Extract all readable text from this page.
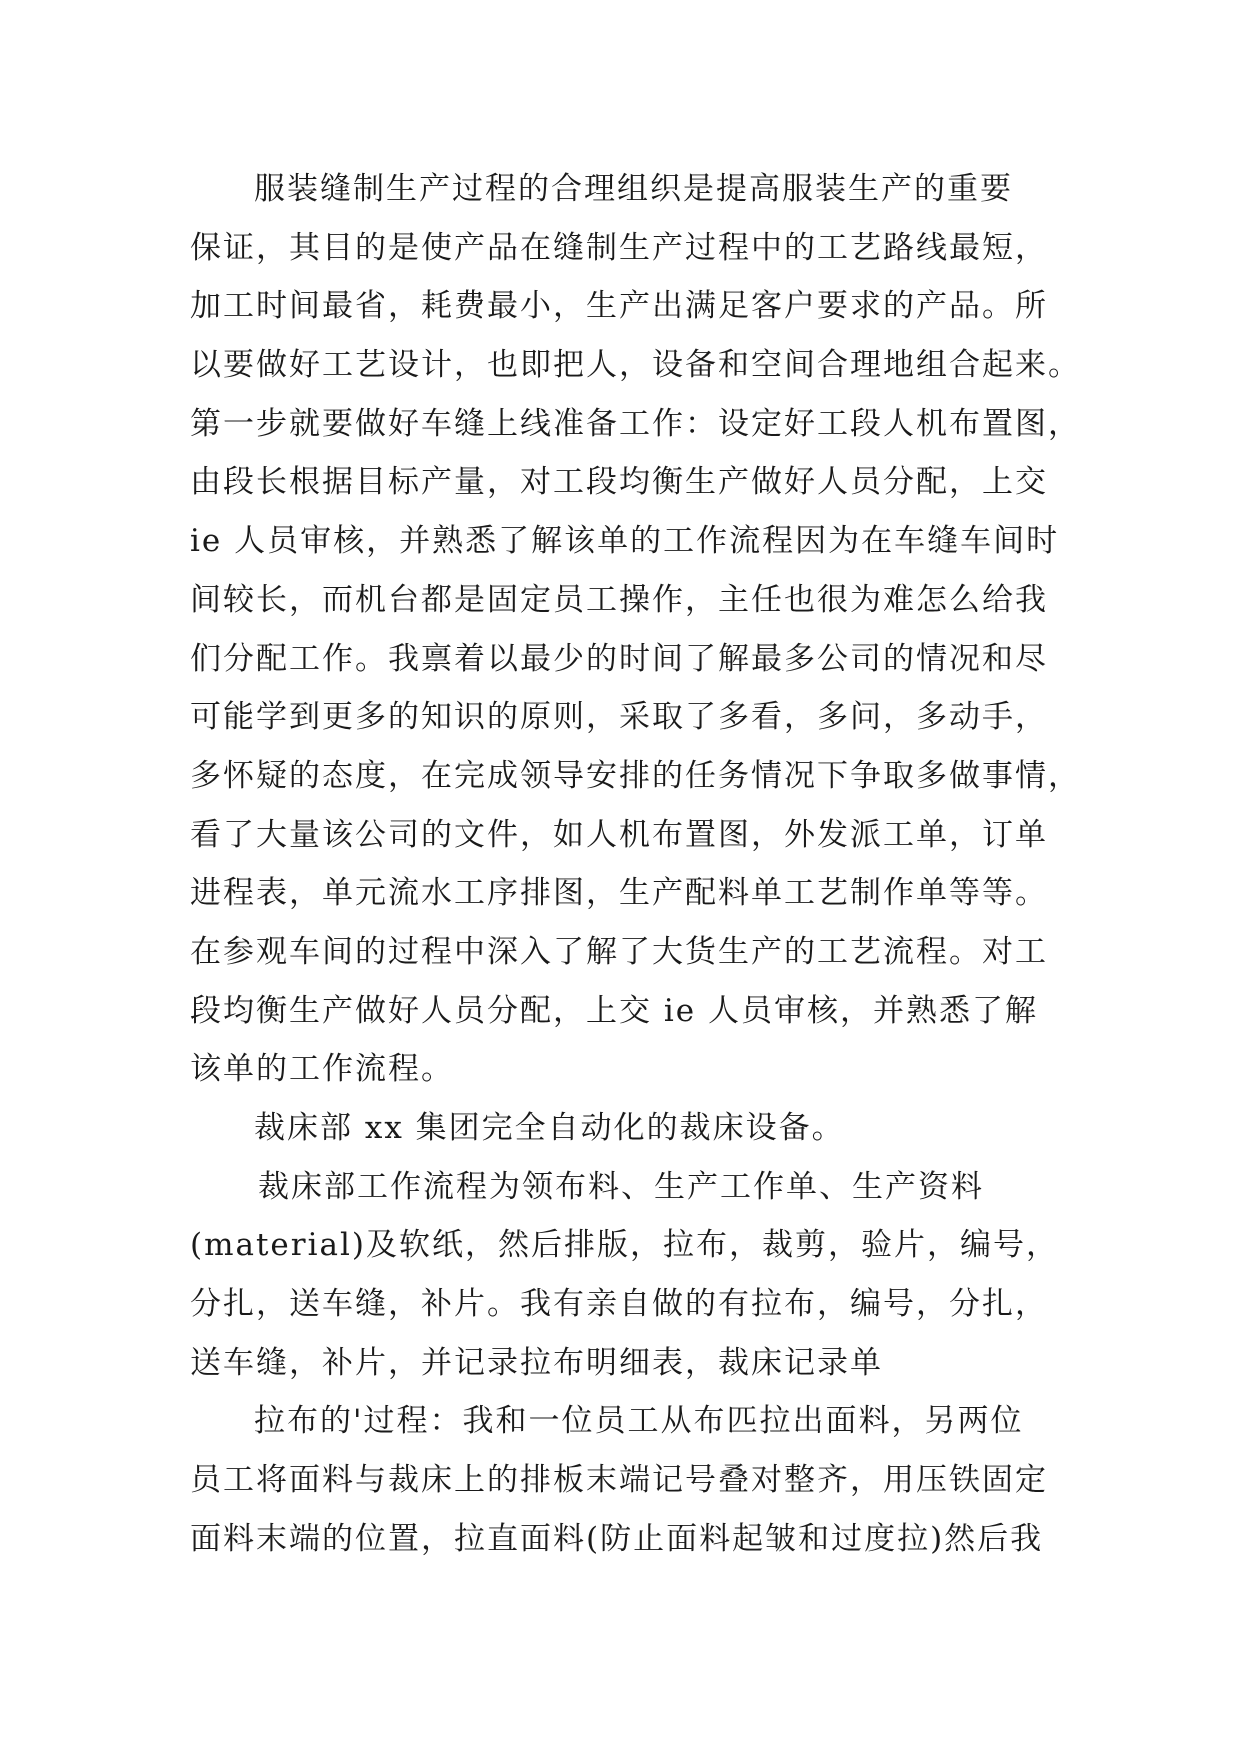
服装缝制生产过程的合理组织是提高服装生产的重要
保证，其目的是使产品在缝制生产过程中的工艺路线最短，
加工时间最省，耗费最小，生产出满足客户要求的产品。所
以要做好工艺设计，也即把人，设备和空间合理地组合起来。
第一步就要做好车缝上线准备工作：设定好工段人机布置图，
由段长根据目标产量，对工段均衡生产做好人员分配，上交
ie 人员审核，并熟悉了解该单的工作流程因为在车缝车间时
间较长，而机台都是固定员工操作，主任也很为难怎么给我
们分配工作。我禀着以最少的时间了解最多公司的情况和尽
可能学到更多的知识的原则，采取了多看，多问，多动手，
多怀疑的态度，在完成领导安排的任务情况下争取多做事情，
看了大量该公司的文件，如人机布置图，外发派工单，订单
进程表，单元流水工序排图，生产配料单工艺制作单等等。
在参观车间的过程中深入了解了大货生产的工艺流程。对工
段均衡生产做好人员分配，上交 ie 人员审核，并熟悉了解
该单的工作流程。
裁床部 xx 集团完全自动化的裁床设备。
裁床部工作流程为领布料、生产工作单、生产资料
(material)及软纸，然后排版，拉布，裁剪，验片，编号，
分扎，送车缝，补片。我有亲自做的有拉布，编号，分扎，
送车缝，补片，并记录拉布明细表，裁床记录单
拉布的'过程：我和一位员工从布匹拉出面料，另两位
员工将面料与裁床上的排板末端记号叠对整齐，用压铁固定
面料末端的位置，拉直面料(防止面料起皱和过度拉)然后我
